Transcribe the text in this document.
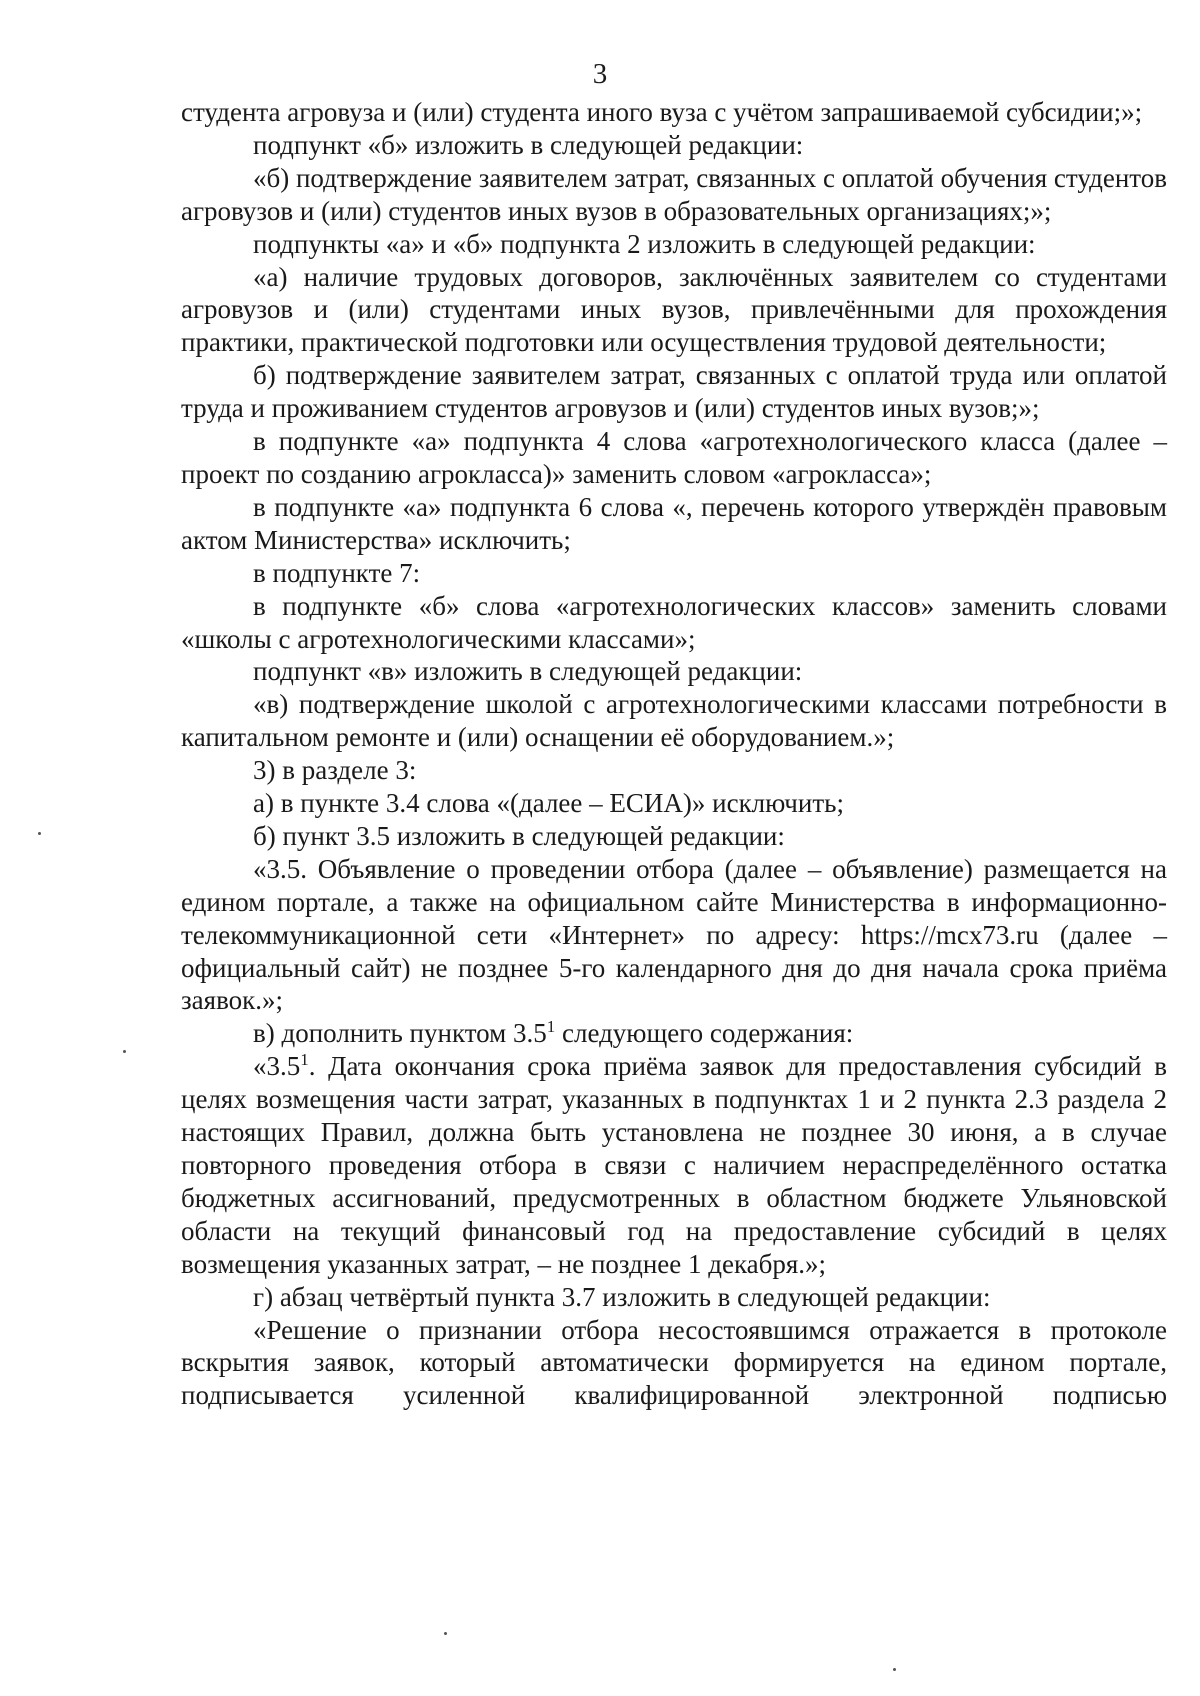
3

студента агровуза и (или) студента иного вуза с учётом запрашиваемой субсидии;»;

подпункт «б» изложить в следующей редакции:

«б) подтверждение заявителем затрат, связанных с оплатой обучения студентов агровузов и (или) студентов иных вузов в образовательных организациях;»;

подпункты «а» и «б» подпункта 2 изложить в следующей редакции:

«а) наличие трудовых договоров, заключённых заявителем со студентами агровузов и (или) студентами иных вузов, привлечёнными для прохождения практики, практической подготовки или осуществления трудовой деятельности;

б) подтверждение заявителем затрат, связанных с оплатой труда или оплатой труда и проживанием студентов агровузов и (или) студентов иных вузов;»;

в подпункте «а» подпункта 4 слова «агротехнологического класса (далее – проект по созданию агрокласса)» заменить словом «агрокласса»;

в подпункте «а» подпункта 6 слова «, перечень которого утверждён правовым актом Министерства» исключить;

в подпункте 7:

в подпункте «б» слова «агротехнологических классов» заменить словами «школы с агротехнологическими классами»;

подпункт «в» изложить в следующей редакции:

«в) подтверждение школой с агротехнологическими классами потребности в капитальном ремонте и (или) оснащении её оборудованием.»;

3) в разделе 3:

а) в пункте 3.4 слова «(далее – ЕСИА)» исключить;

б) пункт 3.5 изложить в следующей редакции:

«3.5. Объявление о проведении отбора (далее – объявление) размещается на едином портале, а также на официальном сайте Министерства в информационно-телекоммуникационной сети «Интернет» по адресу: https://mcx73.ru (далее – официальный сайт) не позднее 5-го календарного дня до дня начала срока приёма заявок.»;

в) дополнить пунктом $3.5^1$ следующего содержания:

«$3.5^1$. Дата окончания срока приёма заявок для предоставления субсидий в целях возмещения части затрат, указанных в подпунктах 1 и 2 пункта 2.3 раздела 2 настоящих Правил, должна быть установлена не позднее 30 июня, а в случае повторного проведения отбора в связи с наличием нераспределённого остатка бюджетных ассигнований, предусмотренных в областном бюджете Ульяновской области на текущий финансовый год на предоставление субсидий в целях возмещения указанных затрат, – не позднее 1 декабря.»;

г) абзац четвёртый пункта 3.7 изложить в следующей редакции:

«Решение о признании отбора несостоявшимся отражается в протоколе вскрытия заявок, который автоматически формируется на едином портале, подписывается усиленной квалифицированной электронной подписью
